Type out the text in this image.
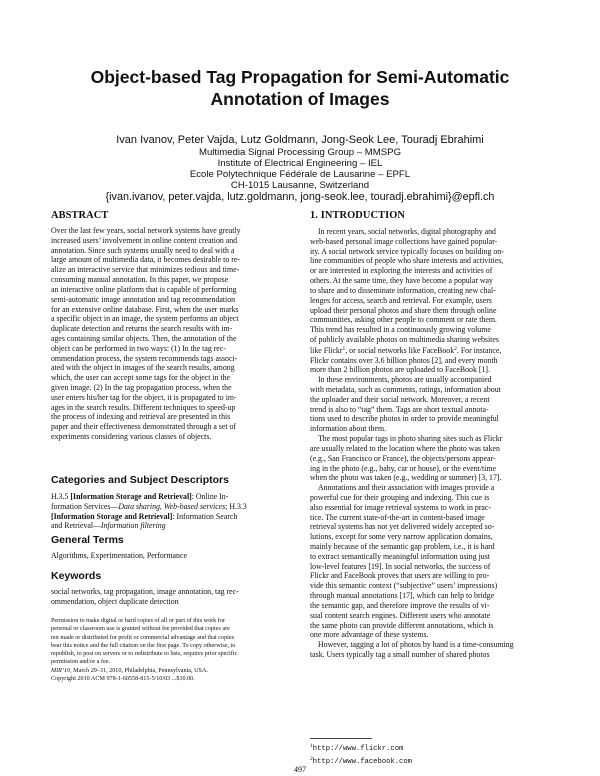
Object-based Tag Propagation for Semi-Automatic
Annotation of Images
Ivan Ivanov, Peter Vajda, Lutz Goldmann, Jong-Seok Lee, Touradj Ebrahimi
Multimedia Signal Processing Group – MMSPG
Institute of Electrical Engineering – IEL
Ecole Polytechnique Fédérale de Lausanne – EPFL
CH-1015 Lausanne, Switzerland
{ivan.ivanov, peter.vajda, lutz.goldmann, jong-seok.lee, touradj.ebrahimi}@epfl.ch
ABSTRACT
Over the last few years, social network systems have greatly
increased users’ involvement in online content creation and
annotation. Since such systems usually need to deal with a
large amount of multimedia data, it becomes desirable to re-
alize an interactive service that minimizes tedious and time-
consuming manual annotation. In this paper, we propose
an interactive online platform that is capable of performing
semi-automatic image annotation and tag recommendation
for an extensive online database. First, when the user marks
a specific object in an image, the system performs an object
duplicate detection and returns the search results with im-
ages containing similar objects. Then, the annotation of the
object can be performed in two ways: (1) In the tag rec-
ommendation process, the system recommends tags associ-
ated with the object in images of the search results, among
which, the user can accept some tags for the object in the
given image. (2) In the tag propagation process, when the
user enters his/her tag for the object, it is propagated to im-
ages in the search results. Different techniques to speed-up
the process of indexing and retrieval are presented in this
paper and their effectiveness demonstrated through a set of
experiments considering various classes of objects.
Categories and Subject Descriptors
H.3.5 [Information Storage and Retrieval]: Online In-
formation Services—Data sharing, Web-based services; H.3.3
[Information Storage and Retrieval]: Information Search
and Retrieval—Information filtering
General Terms
Algorithms, Experimentation, Performance
Keywords
social networks, tag propagation, image annotation, tag rec-
ommendation, object duplicate detection
Permission to make digital or hard copies of all or part of this work for
personal or classroom use is granted without fee provided that copies are
not made or distributed for profit or commercial advantage and that copies
bear this notice and the full citation on the first page. To copy otherwise, to
republish, to post on servers or to redistribute to lists, requires prior specific
permission and/or a fee.
MIR’10, March 29–31, 2010, Philadelphia, Pennsylvania, USA.
Copyright 2010 ACM 978-1-60558-815-5/10/03 ...$10.00.
1. INTRODUCTION
In recent years, social networks, digital photography and
web-based personal image collections have gained popular-
ity. A social network service typically focuses on building on-
line communities of people who share interests and activities,
or are interested in exploring the interests and activities of
others. At the same time, they have become a popular way
to share and to disseminate information, creating new chal-
lenges for access, search and retrieval. For example, users
upload their personal photos and share them through online
communities, asking other people to comment or rate them.
This trend has resulted in a continuously growing volume
of publicly available photos on multimedia sharing websites
like Flickr$^1$, or social networks like FaceBook$^2$. For instance,
Flickr contains over 3.6 billion photos [2], and every month
more than 2 billion photos are uploaded to FaceBook [1].
In these environments, photos are usually accompanied
with metadata, such as comments, ratings, information about
the uploader and their social network. Moreover, a recent
trend is also to “tag” them. Tags are short textual annota-
tions used to describe photos in order to provide meaningful
information about them.
The most popular tags in photo sharing sites such as Flickr
are usually related to the location where the photo was taken
(e.g., San Francisco or France), the objects/persons appear-
ing in the photo (e.g., baby, car or house), or the event/time
when the photo was taken (e.g., wedding or summer) [3, 17].
Annotations and their association with images provide a
powerful cue for their grouping and indexing. This cue is
also essential for image retrieval systems to work in prac-
tice. The current state-of-the-art in content-based image
retrieval systems has not yet delivered widely accepted so-
lutions, except for some very narrow application domains,
mainly because of the semantic gap problem, i.e., it is hard
to extract semantically meaningful information using just
low-level features [19]. In social networks, the success of
Flickr and FaceBook proves that users are willing to pro-
vide this semantic context (“subjective” users’ impressions)
through manual annotations [17], which can help to bridge
the semantic gap, and therefore improve the results of vi-
sual content search engines. Different users who annotate
the same photo can provide different annotations, which is
one more advantage of these systems.
However, tagging a lot of photos by hand is a time-consuming
task. Users typically tag a small number of shared photos
$^1$http://www.flickr.com
$^2$http://www.facebook.com
497
